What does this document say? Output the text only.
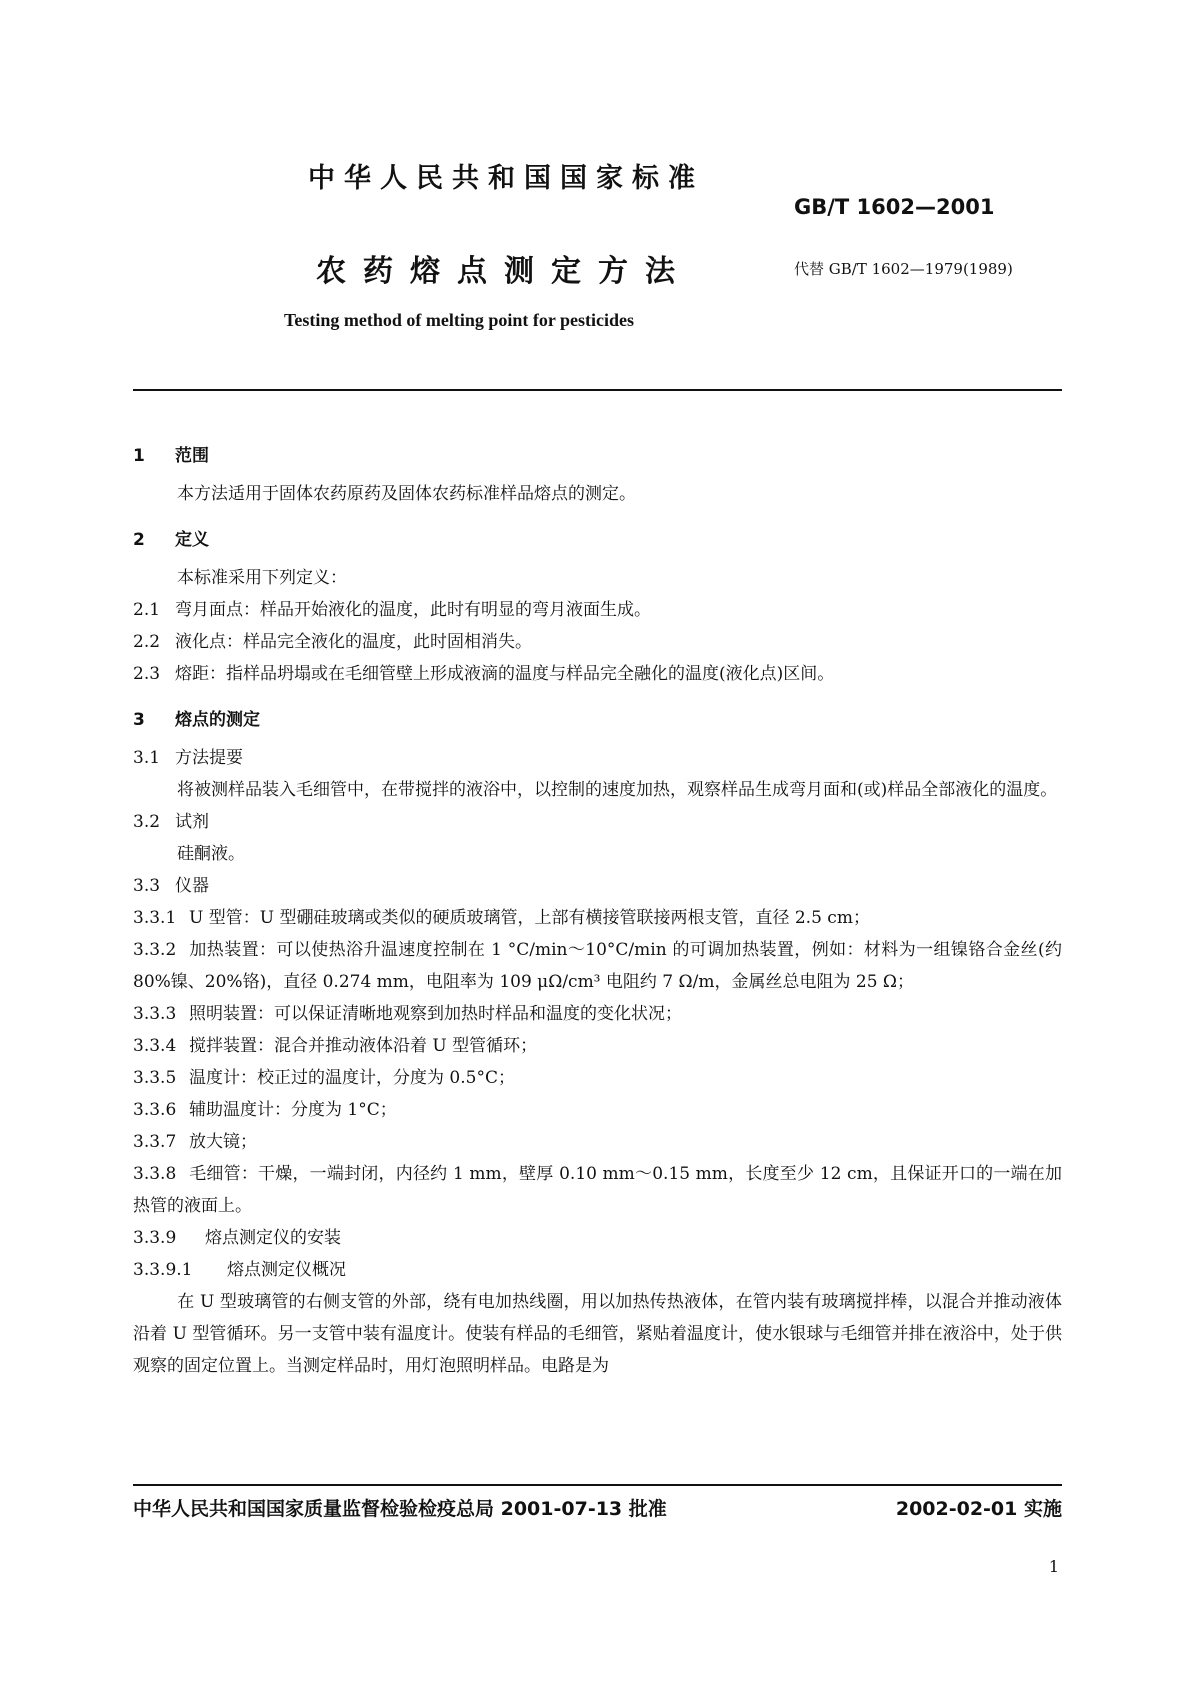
中华人民共和国国家标准
GB/T 1602—2001
农药熔点测定方法	代替 GB/T 1602—1979(1989)
Testing method of melting point for pesticides
1 范围
本方法适用于固体农药原药及固体农药标准样品熔点的测定。
2 定义
本标准采用下列定义：
2.1 弯月面点：样品开始液化的温度，此时有明显的弯月液面生成。
2.2 液化点：样品完全液化的温度，此时固相消失。
2.3 熔距：指样品坍塌或在毛细管壁上形成液滴的温度与样品完全融化的温度(液化点)区间。
3 熔点的测定
3.1 方法提要
将被测样品装入毛细管中，在带搅拌的液浴中，以控制的速度加热，观察样品生成弯月面和(或)样品全部液化的温度。
3.2 试剂
硅酮液。
3.3 仪器
3.3.1 U 型管：U 型硼硅玻璃或类似的硬质玻璃管，上部有横接管联接两根支管，直径 2.5 cm；
3.3.2 加热装置：可以使热浴升温速度控制在 1 °C/min～10°C/min 的可调加热装置，例如：材料为一组镍铬合金丝(约 80%镍、20%铬)，直径 0.274 mm，电阻率为 109 μΩ/cm³ 电阻约 7 Ω/m，金属丝总电阻为 25 Ω；
3.3.3 照明装置：可以保证清晰地观察到加热时样品和温度的变化状况；
3.3.4 搅拌装置：混合并推动液体沿着 U 型管循环；
3.3.5 温度计：校正过的温度计，分度为 0.5°C；
3.3.6 辅助温度计：分度为 1°C；
3.3.7 放大镜；
3.3.8 毛细管：干燥，一端封闭，内径约 1 mm，壁厚 0.10 mm～0.15 mm，长度至少 12 cm，且保证开口的一端在加热管的液面上。
3.3.9 熔点测定仪的安装
3.3.9.1 熔点测定仪概况
在 U 型玻璃管的右侧支管的外部，绕有电加热线圈，用以加热传热液体，在管内装有玻璃搅拌棒，以混合并推动液体沿着 U 型管循环。另一支管中装有温度计。使装有样品的毛细管，紧贴着温度计，使水银球与毛细管并排在液浴中，处于供观察的固定位置上。当测定样品时，用灯泡照明样品。电路是为
中华人民共和国国家质量监督检验检疫总局 2001-07-13 批准	2002-02-01 实施
1
